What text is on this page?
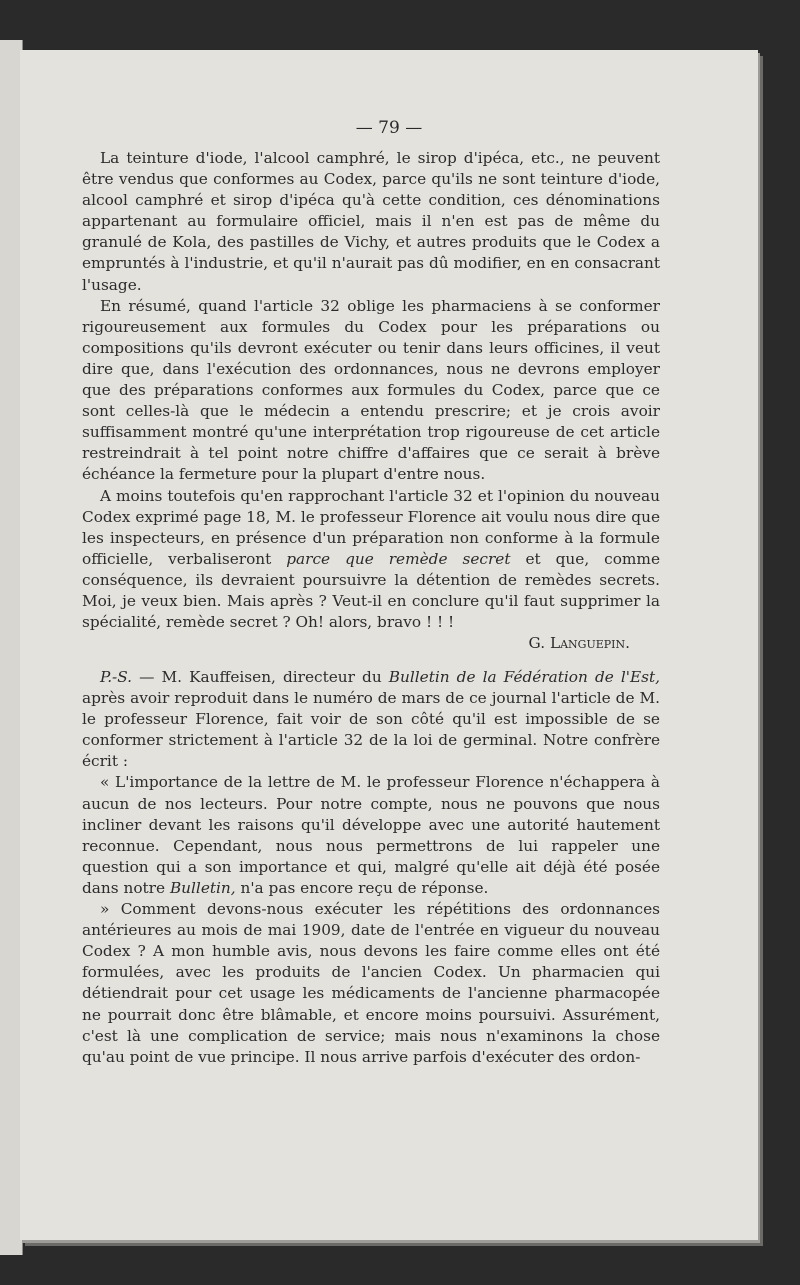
— 79 —

La teinture d'iode, l'alcool camphré, le sirop d'ipéca, etc., ne peuvent être vendus que conformes au Codex, parce qu'ils ne sont teinture d'iode, alcool camphré et sirop d'ipéca qu'à cette condition, ces dénominations appartenant au formulaire officiel, mais il n'en est pas de même du granulé de Kola, des pastilles de Vichy, et autres produits que le Codex a empruntés à l'industrie, et qu'il n'aurait pas dû modifier, en en consacrant l'usage.

En résumé, quand l'article 32 oblige les pharmaciens à se conformer rigoureusement aux formules du Codex pour les préparations ou compositions qu'ils devront exécuter ou tenir dans leurs officines, il veut dire que, dans l'exécution des ordonnances, nous ne devrons employer que des préparations conformes aux formules du Codex, parce que ce sont celles-là que le médecin a entendu prescrire; et je crois avoir suffisamment montré qu'une interprétation trop rigoureuse de cet article restreindrait à tel point notre chiffre d'affaires que ce serait à brève échéance la fermeture pour la plupart d'entre nous.

A moins toutefois qu'en rapprochant l'article 32 et l'opinion du nouveau Codex exprimé page 18, M. le professeur Florence ait voulu nous dire que les inspecteurs, en présence d'un préparation non conforme à la formule officielle, verbaliseront parce que remède secret et que, comme conséquence, ils devraient poursuivre la détention de remèdes secrets. Moi, je veux bien. Mais après ? Veut-il en conclure qu'il faut supprimer la spécialité, remède secret ? Oh! alors, bravo ! ! !

G. Languepin.

P.-S. — M. Kauffeisen, directeur du Bulletin de la Fédération de l'Est, après avoir reproduit dans le numéro de mars de ce journal l'article de M. le professeur Florence, fait voir de son côté qu'il est impossible de se conformer strictement à l'article 32 de la loi de germinal. Notre confrère écrit :

« L'importance de la lettre de M. le professeur Florence n'échappera à aucun de nos lecteurs. Pour notre compte, nous ne pouvons que nous incliner devant les raisons qu'il développe avec une autorité hautement reconnue. Cependant, nous nous permettrons de lui rappeler une question qui a son importance et qui, malgré qu'elle ait déjà été posée dans notre Bulletin, n'a pas encore reçu de réponse.

» Comment devons-nous exécuter les répétitions des ordonnances antérieures au mois de mai 1909, date de l'entrée en vigueur du nouveau Codex ? A mon humble avis, nous devons les faire comme elles ont été formulées, avec les produits de l'ancien Codex. Un pharmacien qui détiendrait pour cet usage les médicaments de l'ancienne pharmacopée ne pourrait donc être blâmable, et encore moins poursuivi. Assurément, c'est là une complication de service; mais nous n'examinons la chose qu'au point de vue principe. Il nous arrive parfois d'exécuter des ordon-
